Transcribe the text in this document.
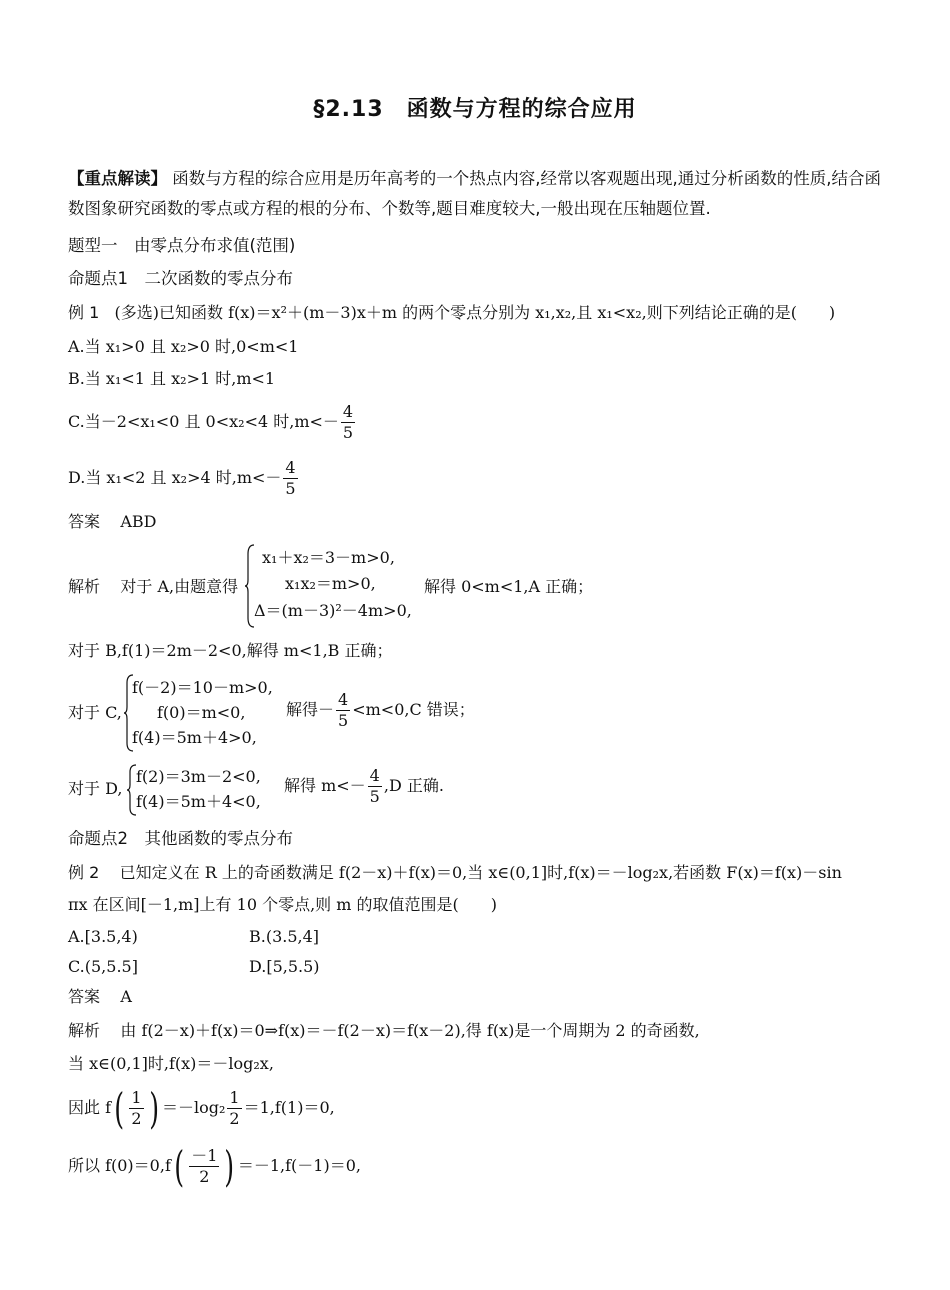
§2.13　函数与方程的综合应用
【重点解读】 函数与方程的综合应用是历年高考的一个热点内容,经常以客观题出现,通过分析函数的性质,结合函数图象研究函数的零点或方程的根的分布、个数等,题目难度较大,一般出现在压轴题位置.
题型一　由零点分布求值(范围)
命题点1　二次函数的零点分布
例 1 (多选)已知函数 f(x)＝x²＋(m－3)x＋m 的两个零点分别为 x₁,x₂,且 x₁<x₂,则下列结论正确的是(　　)
A.当 x₁>0 且 x₂>0 时,0<m<1
B.当 x₁<1 且 x₂>1 时,m<1
C.当－2<x₁<0 且 0<x₂<4 时$,m<- \frac{4}{5}$
D.当 x₁<2 且 x₂>4 时$,m<- \frac{4}{5}$
答案 ABD
解析 对于 A,由题意得
x₁＋x₂＝3－m>0,
x₁x₂＝m>0,
Δ＝(m－3)²－4m>0,
解得 0<m<1,A 正确；
对于 B,f(1)＝2m－2<0,解得 m<1,B 正确；
对于 C,
f(－2)＝10－m>0,
f(0)＝m<0,
f(4)＝5m＋4>0,
解得－ $\frac{4}{5} <m<0,C$ 错误；
对于 D,
f(2)＝3m－2<0,
f(4)＝5m＋4<0,
解得 $m<- \frac{4}{5} ,D$ 正确.
命题点2　其他函数的零点分布
例 2 已知定义在 R 上的奇函数满足 f(2－x)＋f(x)＝0,当 x∈(0,1]时,f(x)＝－log₂x,若函数 F(x)＝f(x)－sin
πx 在区间[－1,m]上有 10 个零点,则 m 的取值范围是(　　)
A.[3.5,4)	B.(3.5,4]
C.(5,5.5]	D.[5,5.5)
答案 A
解析 由 f(2－x)＋f(x)＝0⇒f(x)＝－f(2－x)＝f(x－2),得 f(x)是一个周期为 2 的奇函数,
当 x∈(0,1]时,f(x)＝－log₂x,
因此 $f( \frac{1}{2}$ ) $=-\log_2 \frac{1}{2} =1,f(1)=0$,
所以 $f(0)=0,f( \frac{-1}{2}$ ) ＝－1,f(－1)＝0,
